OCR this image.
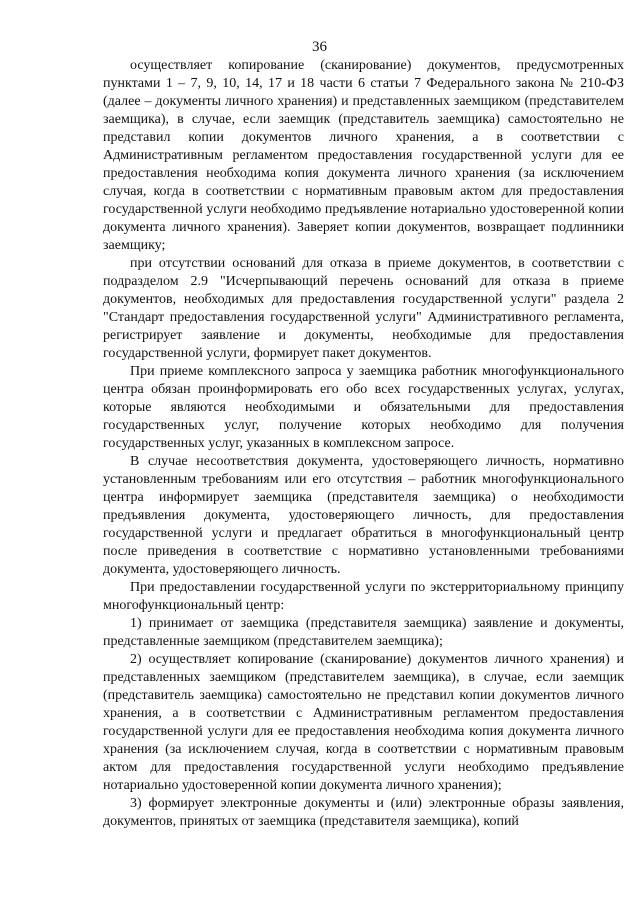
36

осуществляет копирование (сканирование) документов, предусмотренных пунктами 1 – 7, 9, 10, 14, 17 и 18 части 6 статьи 7 Федерального закона № 210-ФЗ (далее – документы личного хранения) и представленных заемщиком (представителем заемщика), в случае, если заемщик (представитель заемщика) самостоятельно не представил копии документов личного хранения, а в соответствии с Административным регламентом предоставления государственной услуги для ее предоставления необходима копия документа личного хранения (за исключением случая, когда в соответствии с нормативным правовым актом для предоставления государственной услуги необходимо предъявление нотариально удостоверенной копии документа личного хранения). Заверяет копии документов, возвращает подлинники заемщику;

при отсутствии оснований для отказа в приеме документов, в соответствии с подразделом 2.9 "Исчерпывающий перечень оснований для отказа в приеме документов, необходимых для предоставления государственной услуги" раздела 2 "Стандарт предоставления государственной услуги" Административного регламента, регистрирует заявление и документы, необходимые для предоставления государственной услуги, формирует пакет документов.

При приеме комплексного запроса у заемщика работник многофункционального центра обязан проинформировать его обо всех государственных услугах, услугах, которые являются необходимыми и обязательными для предоставления государственных услуг, получение которых необходимо для получения государственных услуг, указанных в комплексном запросе.

В случае несоответствия документа, удостоверяющего личность, нормативно установленным требованиям или его отсутствия – работник многофункционального центра информирует заемщика (представителя заемщика) о необходимости предъявления документа, удостоверяющего личность, для предоставления государственной услуги и предлагает обратиться в многофункциональный центр после приведения в соответствие с нормативно установленными требованиями документа, удостоверяющего личность.

При предоставлении государственной услуги по экстерриториальному принципу многофункциональный центр:

1) принимает от заемщика (представителя заемщика) заявление и документы, представленные заемщиком (представителем заемщика);

2) осуществляет копирование (сканирование) документов личного хранения) и представленных заемщиком (представителем заемщика), в случае, если заемщик (представитель заемщика) самостоятельно не представил копии документов личного хранения, а в соответствии с Административным регламентом предоставления государственной услуги для ее предоставления необходима копия документа личного хранения (за исключением случая, когда в соответствии с нормативным правовым актом для предоставления государственной услуги необходимо предъявление нотариально удостоверенной копии документа личного хранения);

3) формирует электронные документы и (или) электронные образы заявления, документов, принятых от заемщика (представителя заемщика), копий
